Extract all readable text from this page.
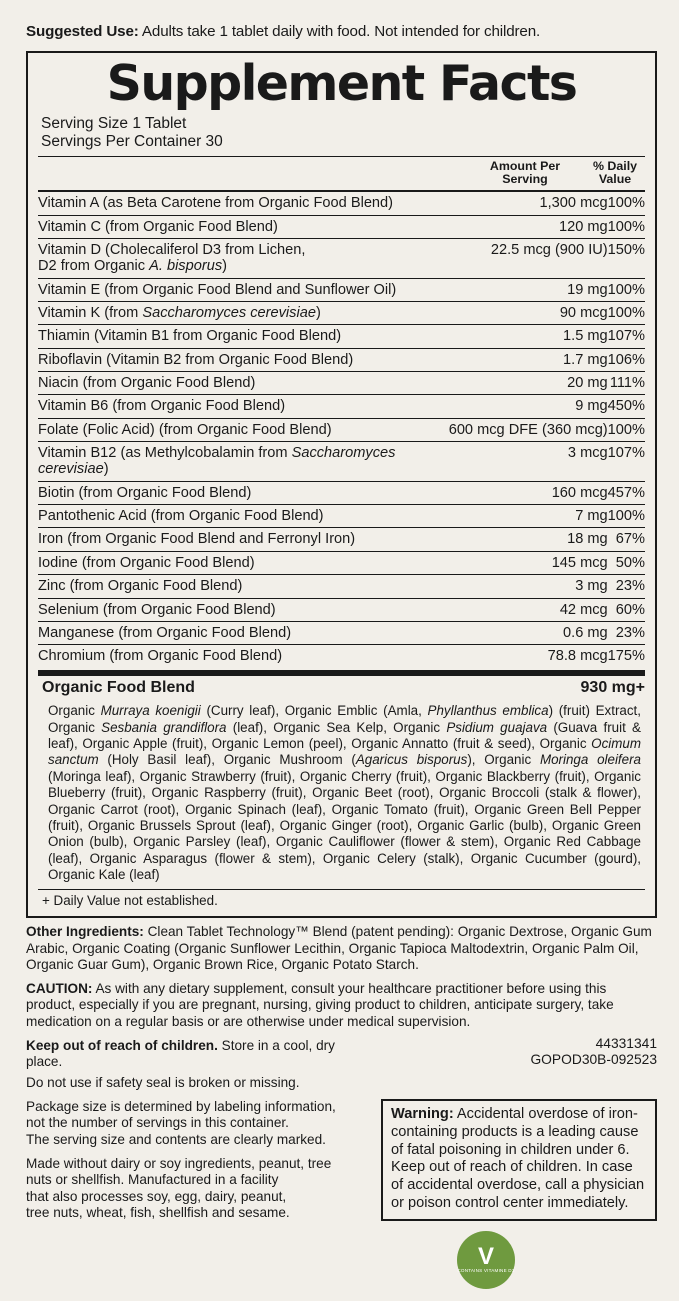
Suggested Use: Adults take 1 tablet daily with food. Not intended for children.
Supplement Facts
Serving Size 1 Tablet
Servings Per Container 30

Amount Per
Serving

% Daily
Value
Vitamin A (as Beta Carotene from Organic Food Blend)	1,300 mcg	100%
Vitamin C (from Organic Food Blend)	120 mg	100%
Vitamin D (Cholecaliferol D3 from Lichen,
D2 from Organic A. bisporus)	22.5 mcg (900 IU)	150%
Vitamin E (from Organic Food Blend and Sunflower Oil)	19 mg	100%
Vitamin K (from Saccharomyces cerevisiae)	90 mcg	100%
Thiamin (Vitamin B1 from Organic Food Blend)	1.5 mg	107%
Riboflavin (Vitamin B2 from Organic Food Blend)	1.7 mg	106%
Niacin (from Organic Food Blend)	20 mg	111%
Vitamin B6 (from Organic Food Blend)	9 mg	450%
Folate (Folic Acid) (from Organic Food Blend)	600 mcg DFE (360 mcg)	100%
Vitamin B12 (as Methylcobalamin from Saccharomyces cerevisiae)	3 mcg	107%
Biotin (from Organic Food Blend)	160 mcg	457%
Pantothenic Acid (from Organic Food Blend)	7 mg	100%
Iron (from Organic Food Blend and Ferronyl Iron)	18 mg	67%
Iodine (from Organic Food Blend)	145 mcg	50%
Zinc (from Organic Food Blend)	3 mg	23%
Selenium (from Organic Food Blend)	42 mcg	60%
Manganese (from Organic Food Blend)	0.6 mg	23%
Chromium (from Organic Food Blend)	78.8 mcg	175%
Organic Food Blend	930 mg	+
Organic Murraya koenigii (Curry leaf), Organic Emblic (Amla, Phyllanthus emblica) (fruit) Extract, Organic Sesbania grandiflora (leaf), Organic Sea Kelp, Organic Psidium guajava (Guava fruit & leaf), Organic Apple (fruit), Organic Lemon (peel), Organic Annatto (fruit & seed), Organic Ocimum sanctum (Holy Basil leaf), Organic Mushroom (Agaricus bisporus), Organic Moringa oleifera (Moringa leaf), Organic Strawberry (fruit), Organic Cherry (fruit), Organic Blackberry (fruit), Organic Blueberry (fruit), Organic Raspberry (fruit), Organic Beet (root), Organic Broccoli (stalk & flower), Organic Carrot (root), Organic Spinach (leaf), Organic Tomato (fruit), Organic Green Bell Pepper (fruit), Organic Brussels Sprout (leaf), Organic Ginger (root), Organic Garlic (bulb), Organic Green Onion (bulb), Organic Parsley (leaf), Organic Cauliflower (flower & stem), Organic Red Cabbage (leaf), Organic Asparagus (flower & stem), Organic Celery (stalk), Organic Cucumber (gourd), Organic Kale (leaf)
+ Daily Value not established.

Other Ingredients: Clean Tablet Technology™ Blend (patent pending): Organic Dextrose, Organic Gum Arabic, Organic Coating (Organic Sunflower Lecithin, Organic Tapioca Maltodextrin, Organic Palm Oil, Organic Guar Gum), Organic Brown Rice, Organic Potato Starch.

CAUTION: As with any dietary supplement, consult your healthcare practitioner before using this product, especially if you are pregnant, nursing, giving product to children, anticipate surgery, take medication on a regular basis or are otherwise under medical supervision.

Keep out of reach of children. Store in a cool, dry place.
Do not use if safety seal is broken or missing.
44331341
GOPOD30B-092523

Package size is determined by labeling information,
not the number of servings in this container.
The serving size and contents are clearly marked.

Made without dairy or soy ingredients, peanut, tree
nuts or shellfish. Manufactured in a facility
that also processes soy, egg, dairy, peanut,
tree nuts, wheat, fish, shellfish and sesame.

Warning: Accidental overdose of iron-containing products is a leading cause of fatal poisoning in children under 6. Keep out of reach of children. In case of accidental overdose, call a physician or poison control center immediately.
V
CONTAINS VITAMINE D3
